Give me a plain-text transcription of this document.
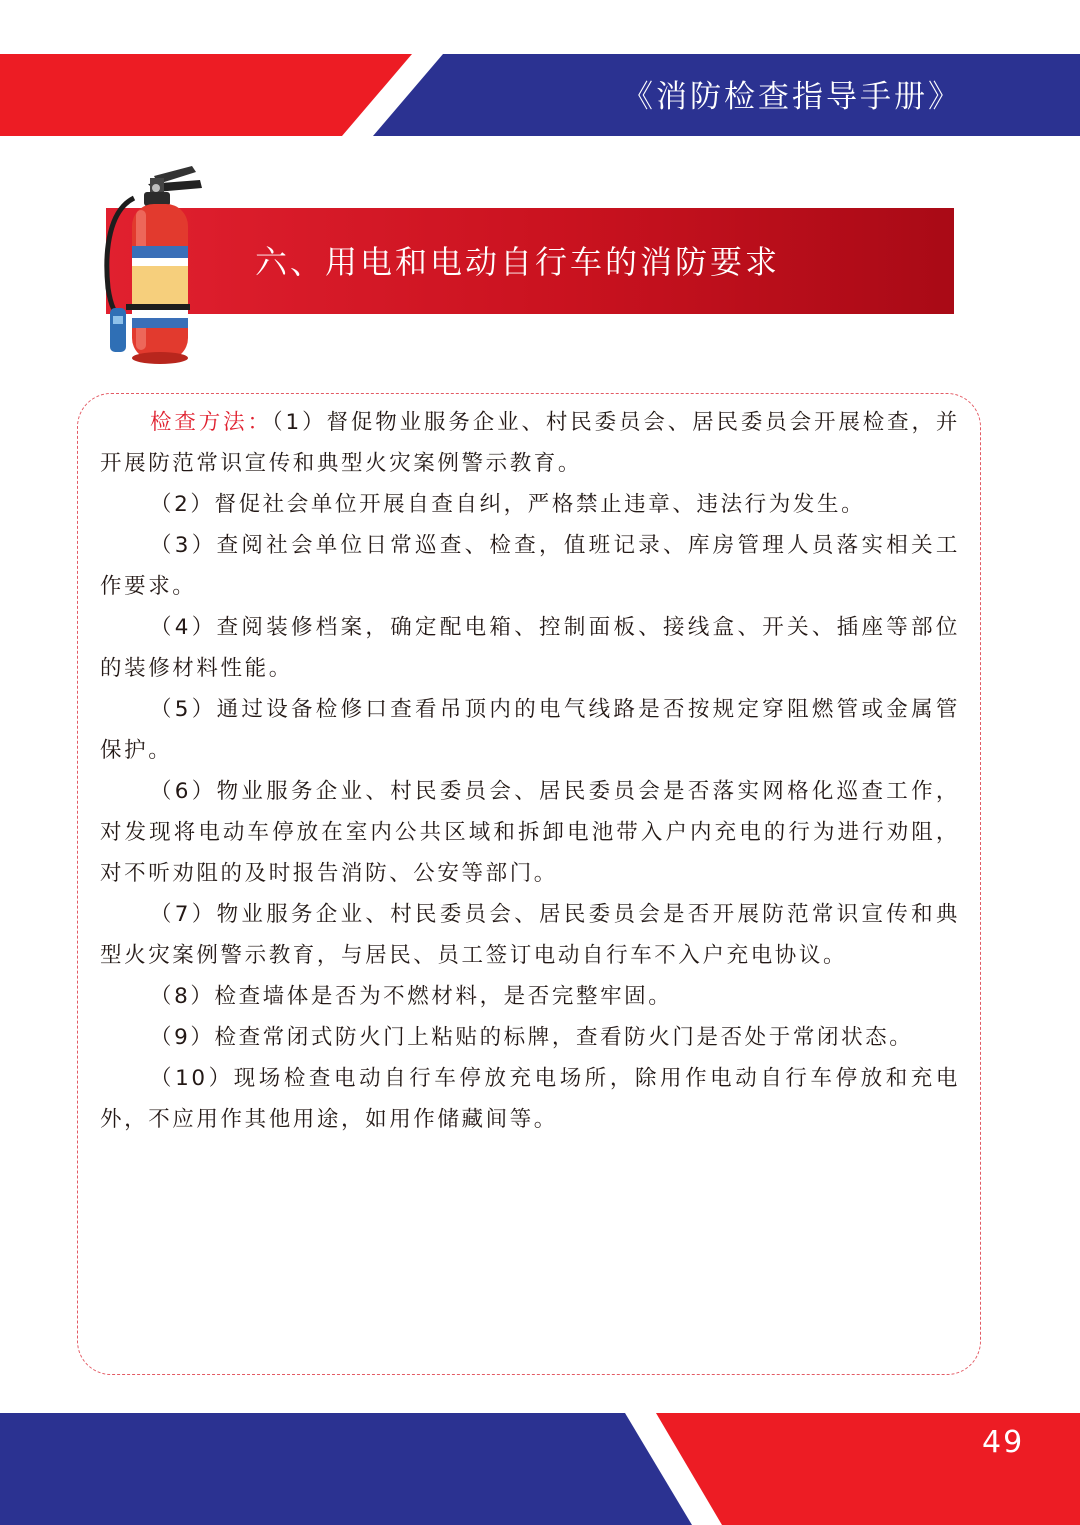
《消防检查指导手册》
六、用电和电动自行车的消防要求

检查方法：（1）督促物业服务企业、村民委员会、居民委员会开展检查，并开展防范常识宣传和典型火灾案例警示教育。

（2）督促社会单位开展自查自纠，严格禁止违章、违法行为发生。

（3）查阅社会单位日常巡查、检查，值班记录、库房管理人员落实相关工作要求。

（4）查阅装修档案，确定配电箱、控制面板、接线盒、开关、插座等部位的装修材料性能。

（5）通过设备检修口查看吊顶内的电气线路是否按规定穿阻燃管或金属管保护。

（6）物业服务企业、村民委员会、居民委员会是否落实网格化巡查工作，对发现将电动车停放在室内公共区域和拆卸电池带入户内充电的行为进行劝阻，对不听劝阻的及时报告消防、公安等部门。

（7）物业服务企业、村民委员会、居民委员会是否开展防范常识宣传和典型火灾案例警示教育，与居民、员工签订电动自行车不入户充电协议。

（8）检查墙体是否为不燃材料，是否完整牢固。

（9）检查常闭式防火门上粘贴的标牌，查看防火门是否处于常闭状态。

（10）现场检查电动自行车停放充电场所，除用作电动自行车停放和充电外，不应用作其他用途，如用作储藏间等。
